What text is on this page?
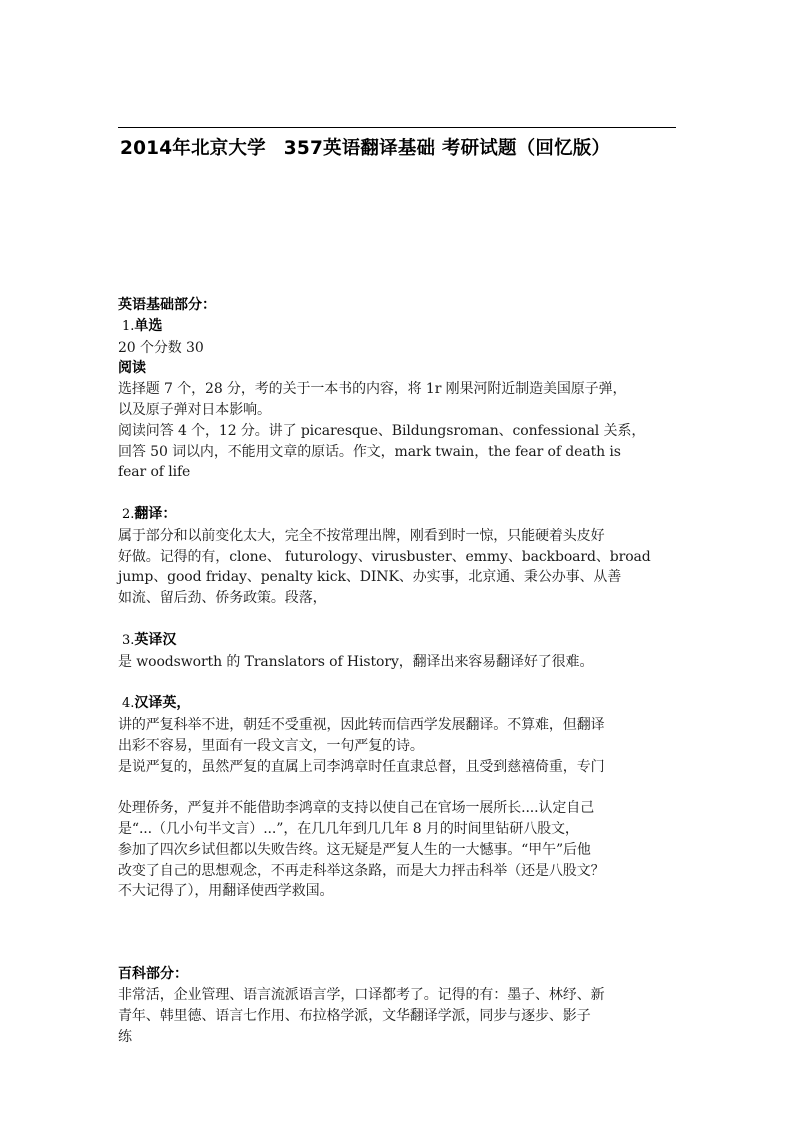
2014年北京大学 357英语翻译基础 考研试题（回忆版）
英语基础部分：
1.单选
20 个分数 30
阅读
选择题 7 个，28 分，考的关于一本书的内容，将 1r 刚果河附近制造美国原子弹，
以及原子弹对日本影响。
阅读问答 4 个，12 分。讲了 picaresque、Bildungsroman、confessional 关系，
回答 50 词以内，不能用文章的原话。作文，mark twain，the fear of death is
fear of life
2.翻译：
属于部分和以前变化太大，完全不按常理出牌，刚看到时一惊，只能硬着头皮好
好做。记得的有，clone、 futurology、virusbuster、emmy、backboard、broad
jump、good friday、penalty kick、DINK、办实事，北京通、秉公办事、从善
如流、留后劲、侨务政策。段落，
3.英译汉
是 woodsworth 的 Translators of History，翻译出来容易翻译好了很难。
4.汉译英，
讲的严复科举不进，朝廷不受重视，因此转而信西学发展翻译。不算难，但翻译
出彩不容易，里面有一段文言文，一句严复的诗。
是说严复的，虽然严复的直属上司李鸿章时任直隶总督，且受到慈禧倚重，专门
处理侨务，严复并不能借助李鸿章的支持以使自己在官场一展所长....认定自己
是“...（几小句半文言）...”，在几几年到几几年 8 月的时间里钻研八股文，
参加了四次乡试但都以失败告终。这无疑是严复人生的一大憾事。“甲午”后他
改变了自己的思想观念，不再走科举这条路，而是大力抨击科举（还是八股文？
不大记得了），用翻译使西学救国。
百科部分：
非常活，企业管理、语言流派语言学，口译都考了。记得的有：墨子、林纾、新
青年、韩里德、语言七作用、布拉格学派，文华翻译学派，同步与逐步、影子
练
